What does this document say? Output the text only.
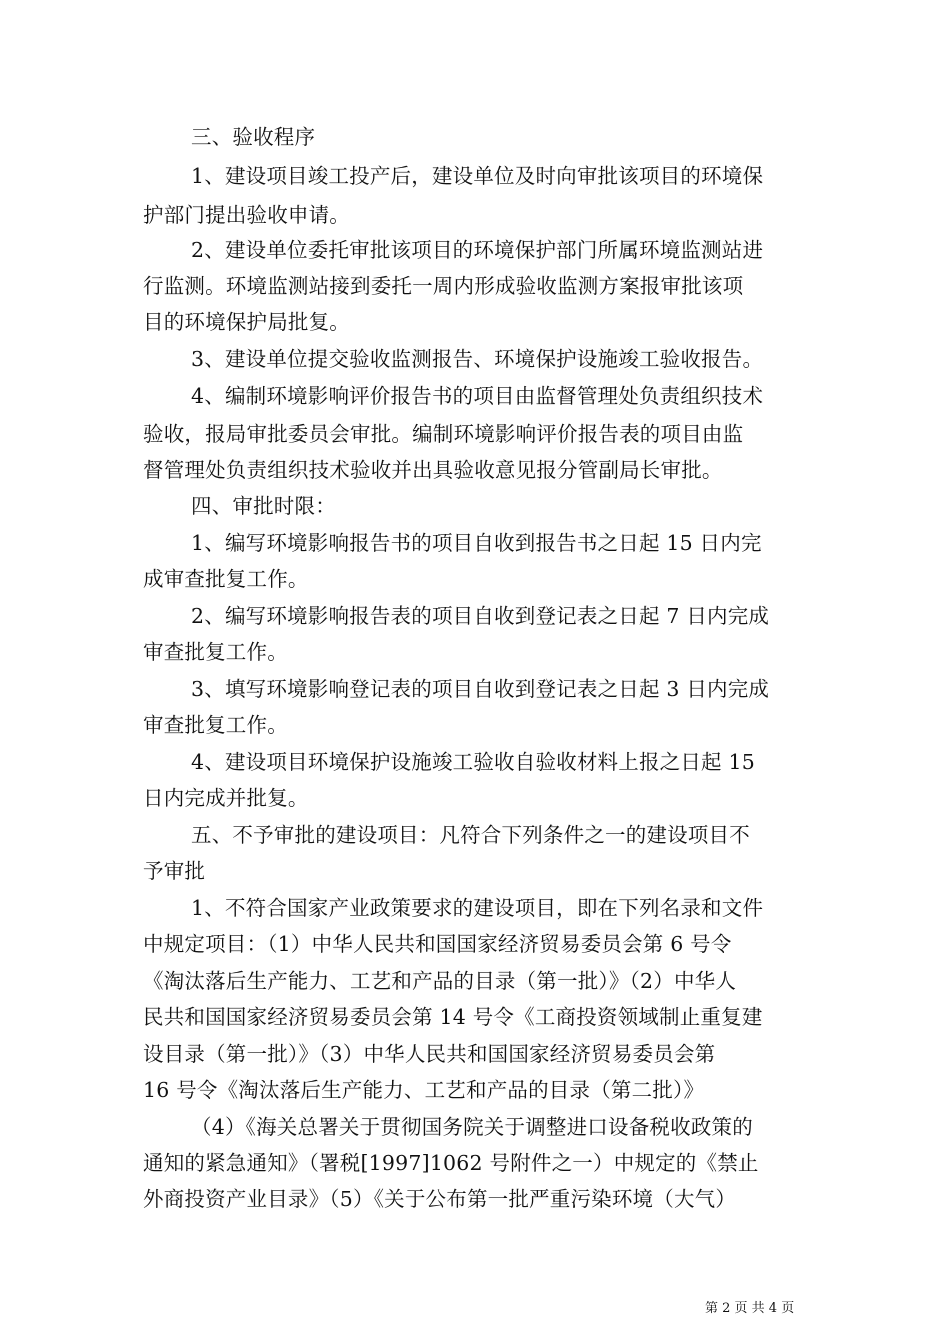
三、验收程序
1、建设项目竣工投产后，建设单位及时向审批该项目的环境保
护部门提出验收申请。
2、建设单位委托审批该项目的环境保护部门所属环境监测站进
行监测。环境监测站接到委托一周内形成验收监测方案报审批该项
目的环境保护局批复。
3、建设单位提交验收监测报告、环境保护设施竣工验收报告。
4、编制环境影响评价报告书的项目由监督管理处负责组织技术
验收，报局审批委员会审批。编制环境影响评价报告表的项目由监
督管理处负责组织技术验收并出具验收意见报分管副局长审批。
四、审批时限：
1、编写环境影响报告书的项目自收到报告书之日起 15 日内完
成审查批复工作。
2、编写环境影响报告表的项目自收到登记表之日起 7 日内完成
审查批复工作。
3、填写环境影响登记表的项目自收到登记表之日起 3 日内完成
审查批复工作。
4、建设项目环境保护设施竣工验收自验收材料上报之日起 15
日内完成并批复。
五、不予审批的建设项目：凡符合下列条件之一的建设项目不
予审批
1、不符合国家产业政策要求的建设项目，即在下列名录和文件
中规定项目：（1）中华人民共和国国家经济贸易委员会第 6 号令
《淘汰落后生产能力、工艺和产品的目录（第一批）》（2）中华人
民共和国国家经济贸易委员会第 14 号令《工商投资领域制止重复建
设目录（第一批）》（3）中华人民共和国国家经济贸易委员会第
16 号令《淘汰落后生产能力、工艺和产品的目录（第二批）》
（4）《海关总署关于贯彻国务院关于调整进口设备税收政策的
通知的紧急通知》（署税[1997]1062 号附件之一）中规定的《禁止
外商投资产业目录》（5）《关于公布第一批严重污染环境（大气）
第 2 页 共 4 页
